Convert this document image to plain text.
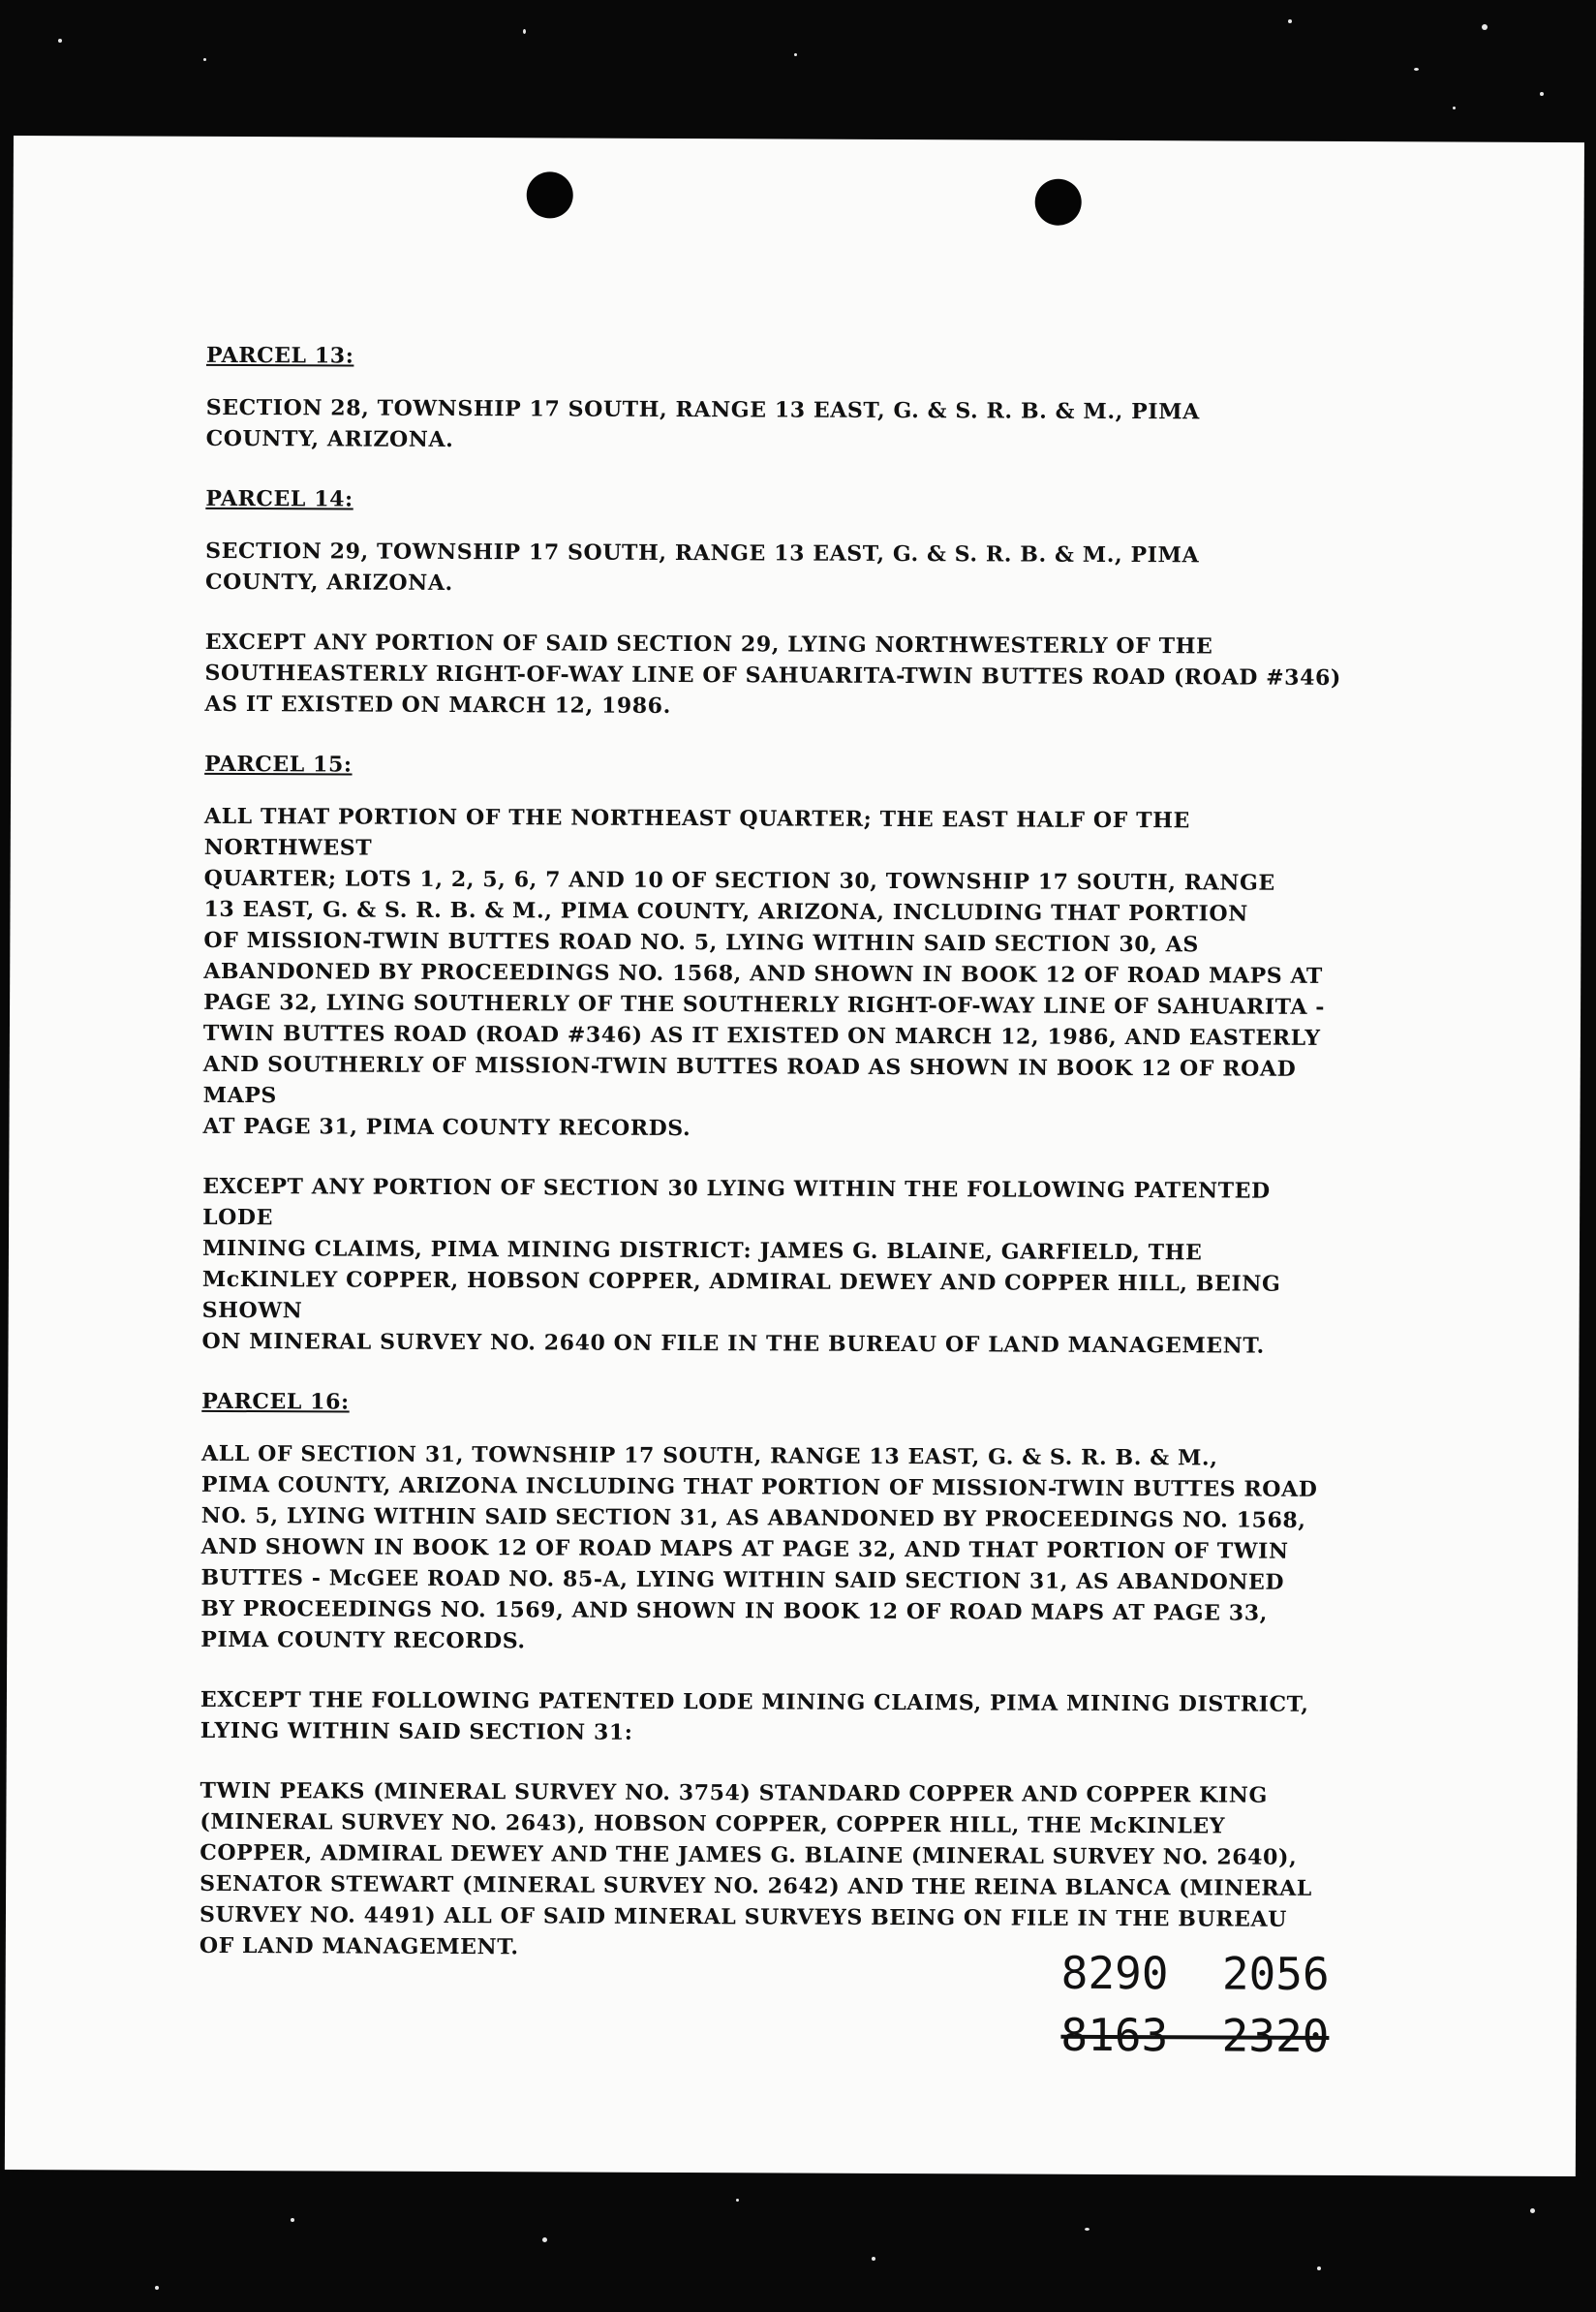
PARCEL 13:
SECTION 28, TOWNSHIP 17 SOUTH, RANGE 13 EAST, G. & S. R. B. & M., PIMA
COUNTY, ARIZONA.
PARCEL 14:
SECTION 29, TOWNSHIP 17 SOUTH, RANGE 13 EAST, G. & S. R. B. & M., PIMA
COUNTY, ARIZONA.
EXCEPT ANY PORTION OF SAID SECTION 29, LYING NORTHWESTERLY OF THE
SOUTHEASTERLY RIGHT-OF-WAY LINE OF SAHUARITA-TWIN BUTTES ROAD (ROAD #346)
AS IT EXISTED ON MARCH 12, 1986.
PARCEL 15:
ALL THAT PORTION OF THE NORTHEAST QUARTER; THE EAST HALF OF THE NORTHWEST
QUARTER; LOTS 1, 2, 5, 6, 7 AND 10 OF SECTION 30, TOWNSHIP 17 SOUTH, RANGE
13 EAST, G. & S. R. B. & M., PIMA COUNTY, ARIZONA, INCLUDING THAT PORTION
OF MISSION-TWIN BUTTES ROAD NO. 5, LYING WITHIN SAID SECTION 30, AS
ABANDONED BY PROCEEDINGS NO. 1568, AND SHOWN IN BOOK 12 OF ROAD MAPS AT
PAGE 32, LYING SOUTHERLY OF THE SOUTHERLY RIGHT-OF-WAY LINE OF SAHUARITA -
TWIN BUTTES ROAD (ROAD #346) AS IT EXISTED ON MARCH 12, 1986, AND EASTERLY
AND SOUTHERLY OF MISSION-TWIN BUTTES ROAD AS SHOWN IN BOOK 12 OF ROAD MAPS
AT PAGE 31, PIMA COUNTY RECORDS.
EXCEPT ANY PORTION OF SECTION 30 LYING WITHIN THE FOLLOWING PATENTED LODE
MINING CLAIMS, PIMA MINING DISTRICT: JAMES G. BLAINE, GARFIELD, THE
McKINLEY COPPER, HOBSON COPPER, ADMIRAL DEWEY AND COPPER HILL, BEING SHOWN
ON MINERAL SURVEY NO. 2640 ON FILE IN THE BUREAU OF LAND MANAGEMENT.
PARCEL 16:
ALL OF SECTION 31, TOWNSHIP 17 SOUTH, RANGE 13 EAST, G. & S. R. B. & M.,
PIMA COUNTY, ARIZONA INCLUDING THAT PORTION OF MISSION-TWIN BUTTES ROAD
NO. 5, LYING WITHIN SAID SECTION 31, AS ABANDONED BY PROCEEDINGS NO. 1568,
AND SHOWN IN BOOK 12 OF ROAD MAPS AT PAGE 32, AND THAT PORTION OF TWIN
BUTTES - McGEE ROAD NO. 85-A, LYING WITHIN SAID SECTION 31, AS ABANDONED
BY PROCEEDINGS NO. 1569, AND SHOWN IN BOOK 12 OF ROAD MAPS AT PAGE 33,
PIMA COUNTY RECORDS.
EXCEPT THE FOLLOWING PATENTED LODE MINING CLAIMS, PIMA MINING DISTRICT,
LYING WITHIN SAID SECTION 31:
TWIN PEAKS (MINERAL SURVEY NO. 3754) STANDARD COPPER AND COPPER KING
(MINERAL SURVEY NO. 2643), HOBSON COPPER, COPPER HILL, THE McKINLEY
COPPER, ADMIRAL DEWEY AND THE JAMES G. BLAINE (MINERAL SURVEY NO. 2640),
SENATOR STEWART (MINERAL SURVEY NO. 2642) AND THE REINA BLANCA (MINERAL
SURVEY NO. 4491) ALL OF SAID MINERAL SURVEYS BEING ON FILE IN THE BUREAU
OF LAND MANAGEMENT.
8290  2056
8163  2320
